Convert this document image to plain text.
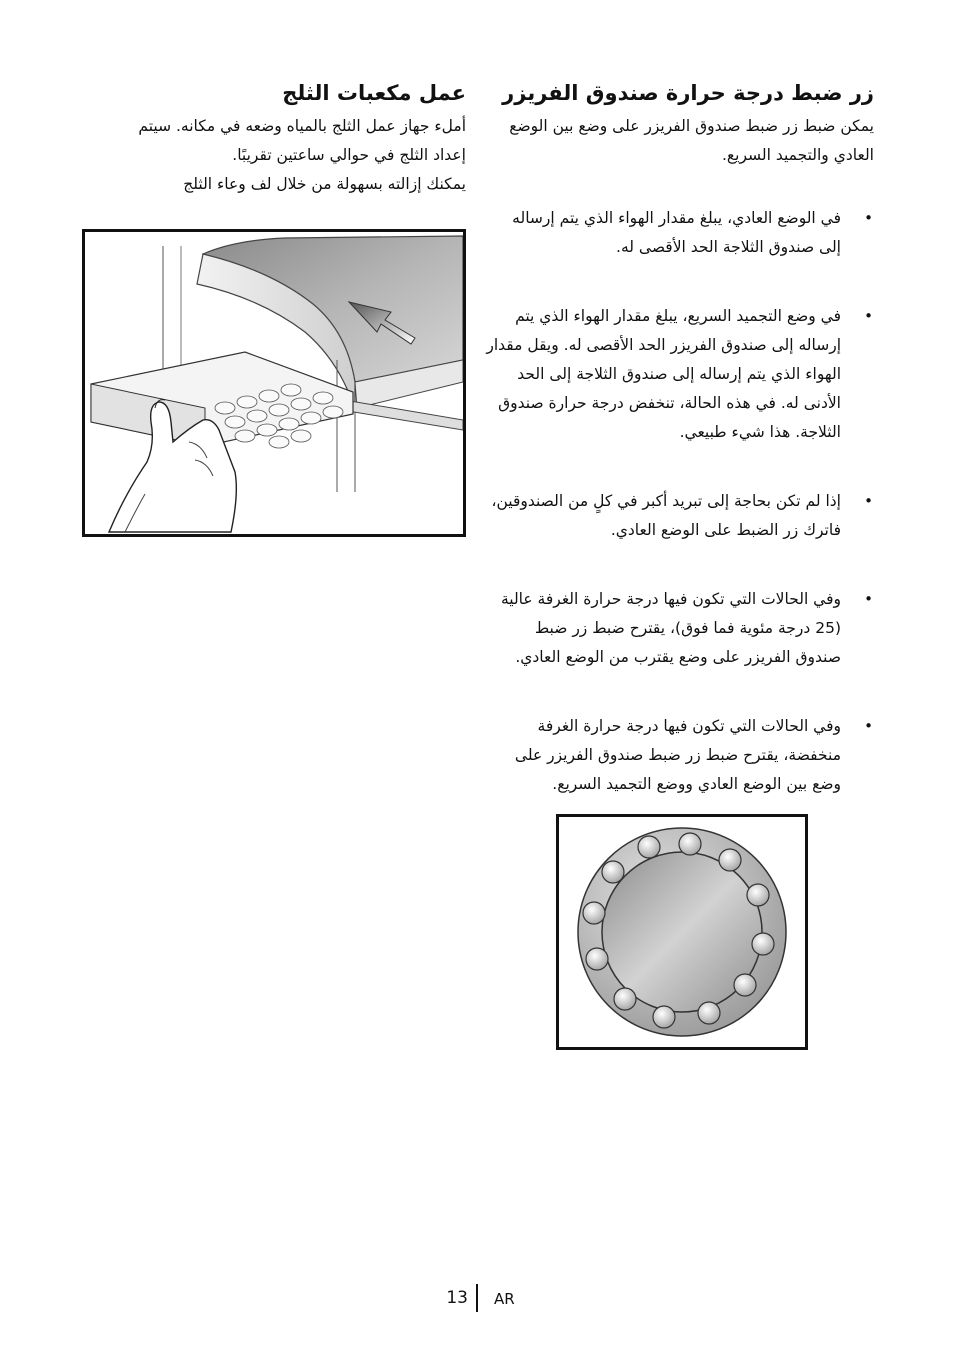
زر ضبط درجة حرارة صندوق الفريزر

يمكن ضبط زر ضبط صندوق الفريزر على وضع بين الوضع العادي والتجميد السريع.

• في الوضع العادي، يبلغ مقدار الهواء الذي يتم إرساله إلى صندوق الثلاجة الحد الأقصى له.
• في وضع التجميد السريع، يبلغ مقدار الهواء الذي يتم إرساله إلى صندوق الفريزر الحد الأقصى له. ويقل مقدار الهواء الذي يتم إرساله إلى صندوق الثلاجة إلى الحد الأدنى له. في هذه الحالة، تنخفض درجة حرارة صندوق الثلاجة. هذا شيء طبيعي.
• إذا لم تكن بحاجة إلى تبريد أكبر في كلٍ من الصندوقين، فاترك زر الضبط على الوضع العادي.
• وفي الحالات التي تكون فيها درجة حرارة الغرفة عالية (25 درجة مئوية فما فوق)، يقترح ضبط زر ضبط صندوق الفريزر على وضع يقترب من الوضع العادي.
• وفي الحالات التي تكون فيها درجة حرارة الغرفة منخفضة، يقترح ضبط زر ضبط صندوق الفريزر على وضع بين الوضع العادي ووضع التجميد السريع.
عمل مكعبات الثلج

أملء جهاز عمل الثلج بالمياه وضعه في مكانه. سيتم

إعداد الثلج في حوالي ساعتين تقريبًا.

يمكنك إزالته بسهولة من خلال لف وعاء الثلج

13 AR
